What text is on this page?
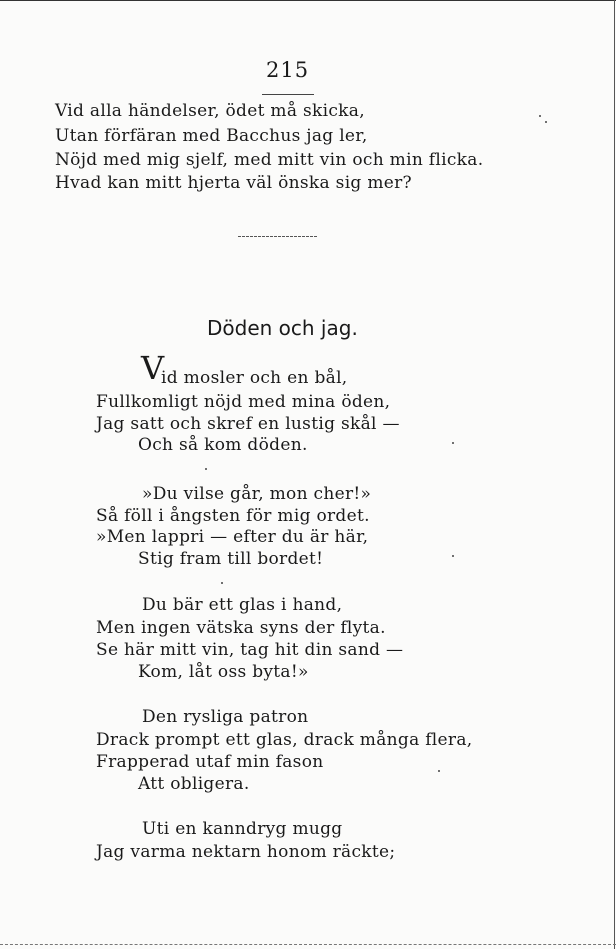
215
Vid alla händelser, ödet må skicka,
Utan förfäran med Bacchus jag ler,
Nöjd med mig sjelf, med mitt vin och min flicka.
Hvad kan mitt hjerta väl önska sig mer?
Döden och jag.
V
id mosler och en bål,
Fullkomligt nöjd med mina öden,
Jag satt och skref en lustig skål —
Och så kom döden.
»Du vilse går, mon cher!»
Så föll i ångsten för mig ordet.
»Men lappri — efter du är här,
Stig fram till bordet!
Du bär ett glas i hand,
Men ingen vätska syns der flyta.
Se här mitt vin, tag hit din sand —
Kom, låt oss byta!»
Den rysliga patron
Drack prompt ett glas, drack många flera,
Frapperad utaf min fason
Att obligera.
Uti en kanndryg mugg
Jag varma nektarn honom räckte;
